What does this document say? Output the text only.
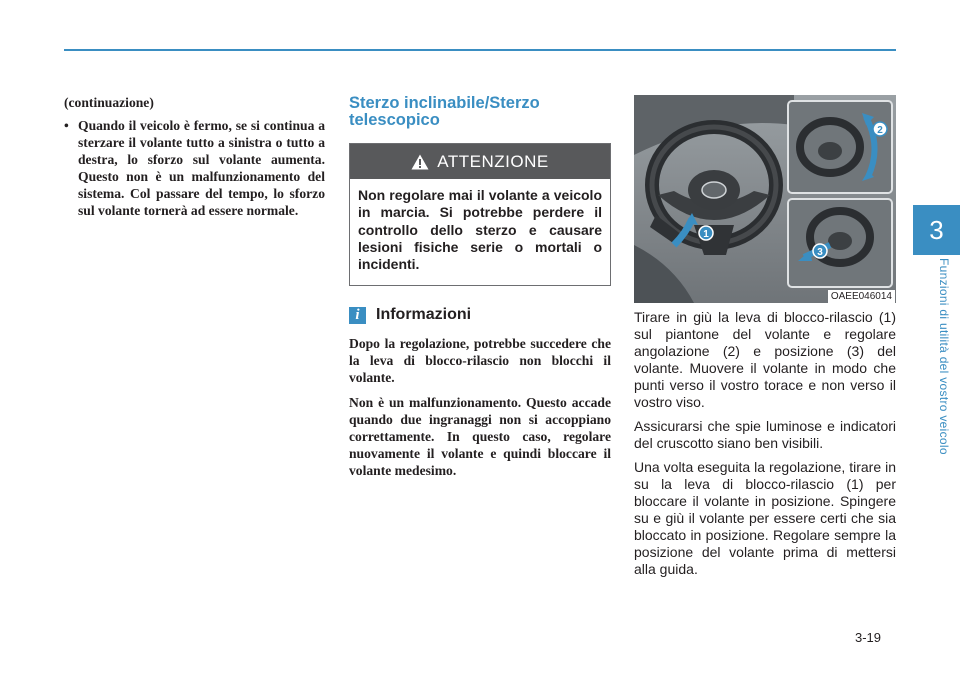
3
Funzioni di utilità del vostro veicolo
(continuazione)
• Quando il veicolo è fermo, se si continua a sterzare il volante tutto a sinistra o tutto a destra, lo sforzo sul volante aumenta. Questo non è un malfunzionamento del sistema. Col passare del tempo, lo sforzo sul volante tornerà ad essere normale.
Sterzo inclinabile/Sterzo telescopico
ATTENZIONE
Non regolare mai il volante a veicolo in marcia. Si potrebbe perdere il controllo dello sterzo e causare lesioni fisiche serie o mortali o incidenti.
i	Informazioni
Dopo la regolazione, potrebbe succedere che la leva di blocco-rilascio non blocchi il volante.
Non è un malfunzionamento. Questo accade quando due ingranaggi non si accoppiano correttamente. In questo caso, regolare nuovamente il volante e quindi bloccare il volante medesimo.
1
2
3
OAEE046014
Tirare in giù la leva di blocco-rilascio (1) sul piantone del volante e regolare angolazione (2) e posizione (3) del volante. Muovere il volante in modo che punti verso il vostro torace e non verso il vostro viso.
Assicurarsi che spie luminose e indicatori del cruscotto siano ben visibili.
Una volta eseguita la regolazione, tirare in su la leva di blocco-rilascio (1) per bloccare il volante in posizione. Spingere su e giù il volante per essere certi che sia bloccato in posizione. Regolare sempre la posizione del volante prima di mettersi alla guida.
3-19
